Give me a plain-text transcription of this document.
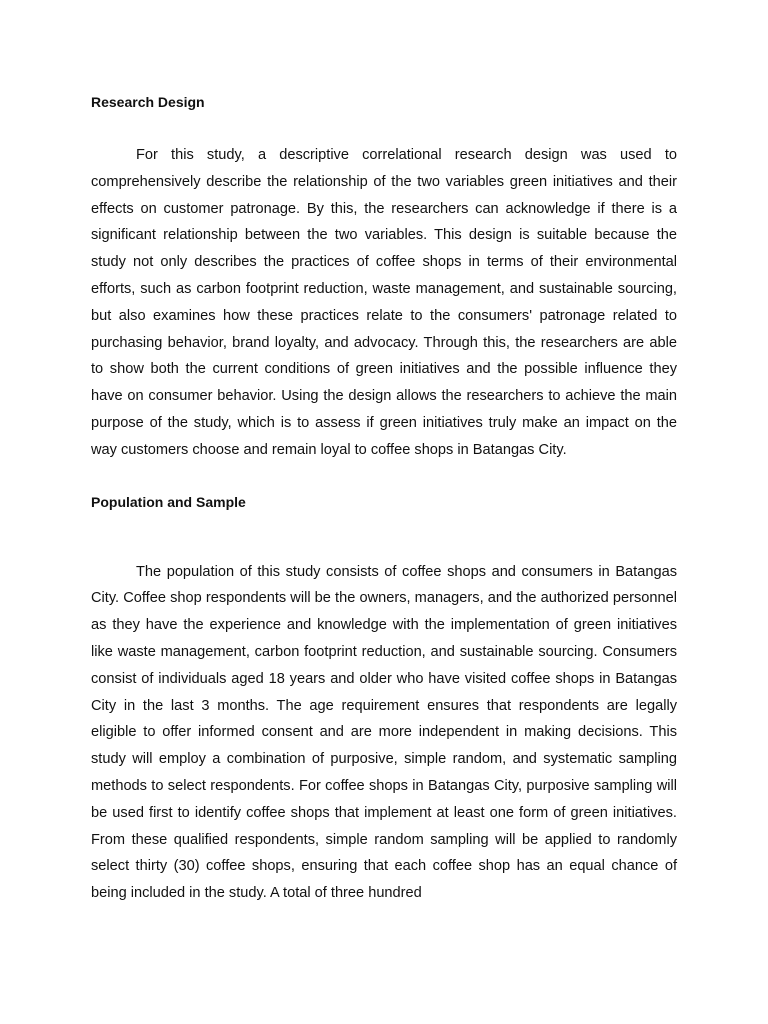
Research Design

For this study, a descriptive correlational research design was used to comprehensively describe the relationship of the two variables green initiatives and their effects on customer patronage. By this, the researchers can acknowledge if there is a significant relationship between the two variables. This design is suitable because the study not only describes the practices of coffee shops in terms of their environmental efforts, such as carbon footprint reduction, waste management, and sustainable sourcing, but also examines how these practices relate to the consumers' patronage related to purchasing behavior, brand loyalty, and advocacy. Through this, the researchers are able to show both the current conditions of green initiatives and the possible influence they have on consumer behavior. Using the design allows the researchers to achieve the main purpose of the study, which is to assess if green initiatives truly make an impact on the way customers choose and remain loyal to coffee shops in Batangas City.

Population and Sample

The population of this study consists of coffee shops and consumers in Batangas City. Coffee shop respondents will be the owners, managers, and the authorized personnel as they have the experience and knowledge with the implementation of green initiatives like waste management, carbon footprint reduction, and sustainable sourcing. Consumers consist of individuals aged 18 years and older who have visited coffee shops in Batangas City in the last 3 months. The age requirement ensures that respondents are legally eligible to offer informed consent and are more independent in making decisions. This study will employ a combination of purposive, simple random, and systematic sampling methods to select respondents. For coffee shops in Batangas City, purposive sampling will be used first to identify coffee shops that implement at least one form of green initiatives. From these qualified respondents, simple random sampling will be applied to randomly select thirty (30) coffee shops, ensuring that each coffee shop has an equal chance of being included in the study. A total of three hundred
